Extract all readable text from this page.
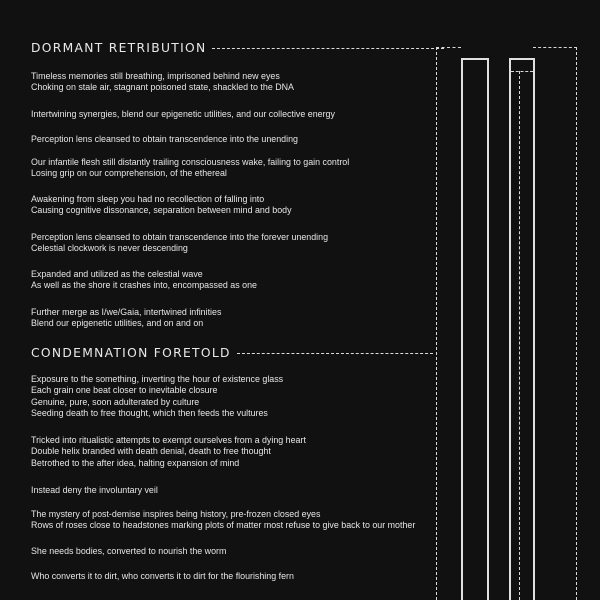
DORMANT RETRIBUTION

Timeless memories still breathing, imprisoned behind new eyes
Choking on stale air, stagnant poisoned state, shackled to the DNA

Intertwining synergies, blend our epigenetic utilities, and our collective energy

Perception lens cleansed to obtain transcendence into the unending

Our infantile flesh still distantly trailing consciousness wake, failing to gain control
Losing grip on our comprehension, of the ethereal

Awakening from sleep you had no recollection of falling into
Causing cognitive dissonance, separation between mind and body

Perception lens cleansed to obtain transcendence into the forever unending
Celestial clockwork is never descending

Expanded and utilized as the celestial wave
As well as the shore it crashes into, encompassed as one

Further merge as I/we/Gaia, intertwined infinities
Blend our epigenetic utilities, and on and on

CONDEMNATION FORETOLD

Exposure to the something, inverting the hour of existence glass
Each grain one beat closer to inevitable closure
Genuine, pure, soon adulterated by culture
Seeding death to free thought, which then feeds the vultures

Tricked into ritualistic attempts to exempt ourselves from a dying heart
Double helix branded with death denial, death to free thought
Betrothed to the after idea, halting expansion of mind

Instead deny the involuntary veil

The mystery of post-demise inspires being history, pre-frozen closed eyes
Rows of roses close to headstones marking plots of matter most refuse to give back to our mother

She needs bodies, converted to nourish the worm

Who converts it to dirt, who converts it to dirt for the flourishing fern
